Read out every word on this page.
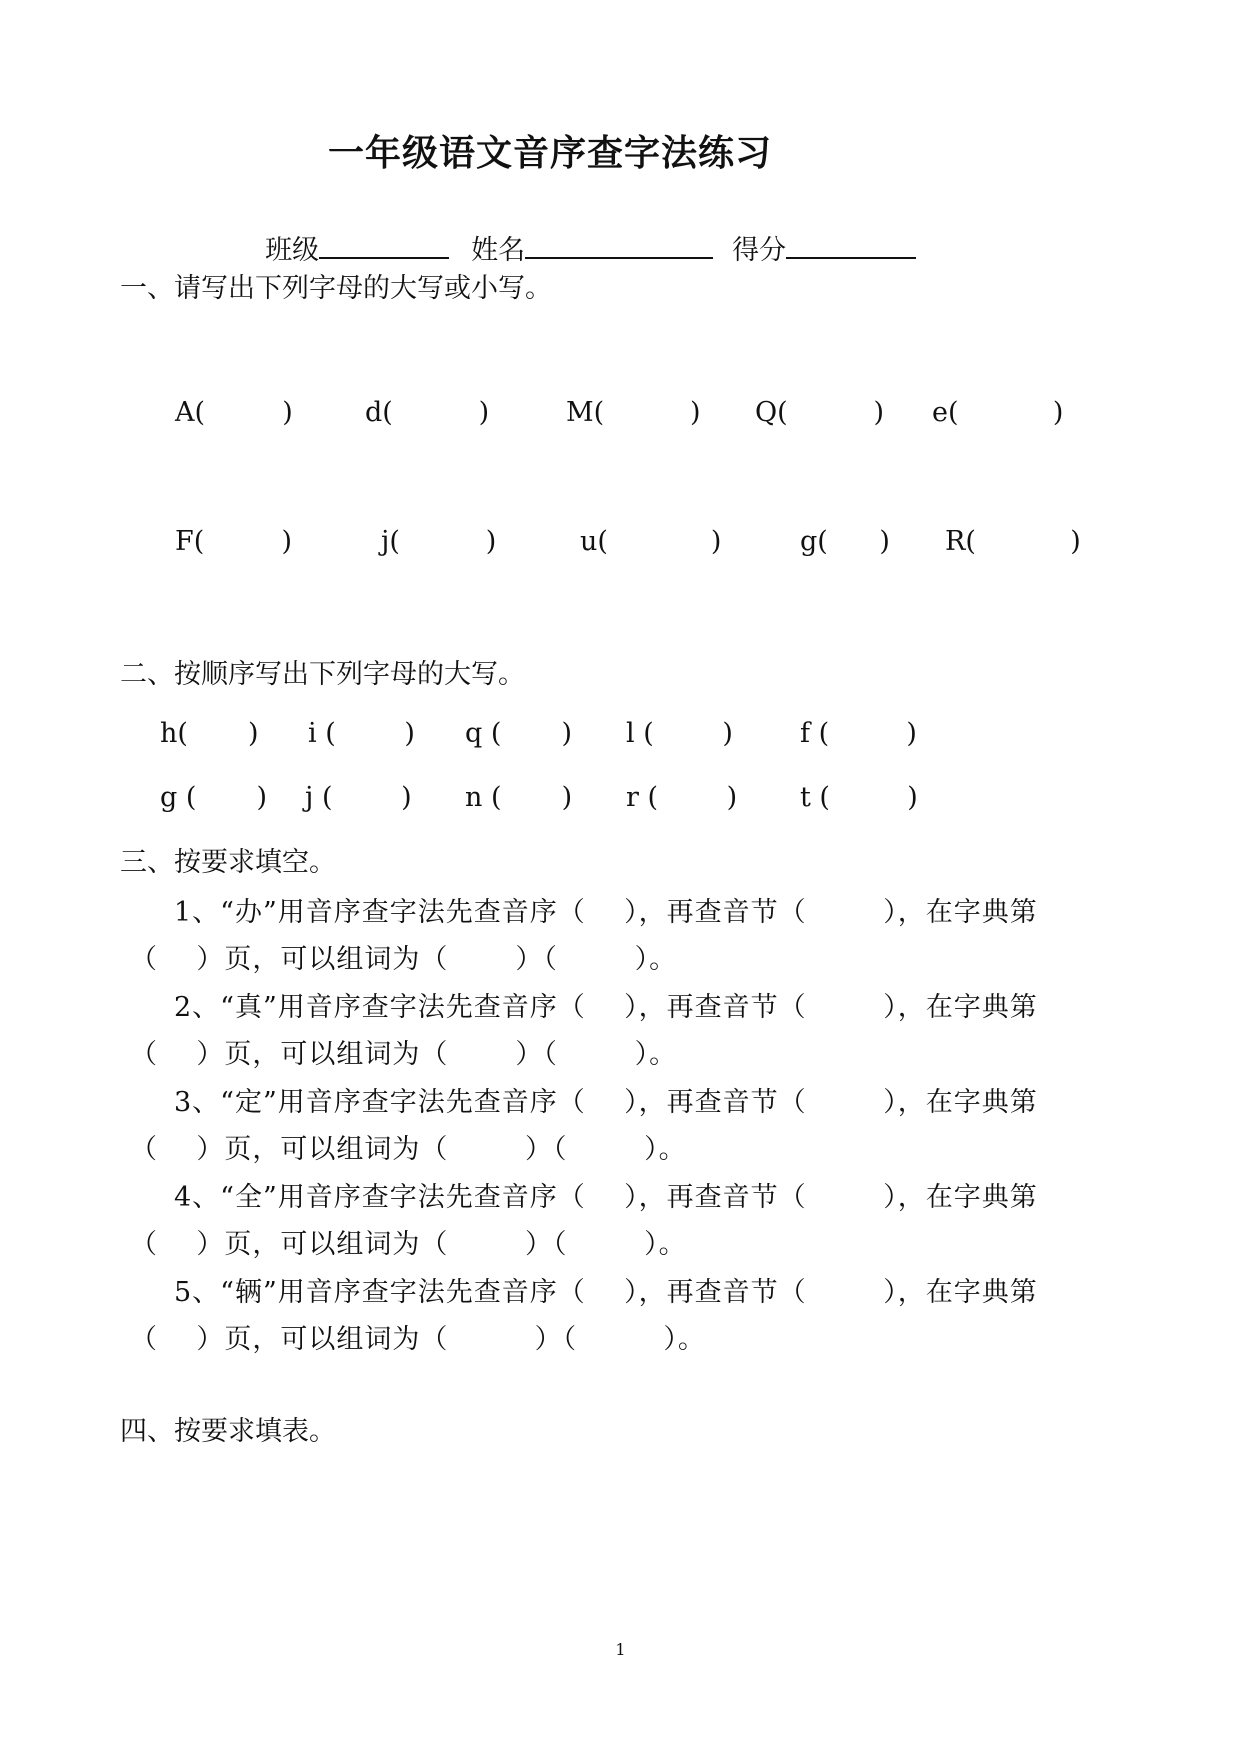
一年级语文音序查字法练习

班级	姓名	得分

一、请写出下列字母的大写或小写。
A(         )	d(          )	M(          ) Q(          ) e(           )
F(         )	j(          )	u(            )	g(      ) R(           )
二、按顺序写出下列字母的大写。
h(       ) i (        ) q (       ) l (        ) f (         )
g (       ) j (        ) n (       ) r (        ) t (         )
三、按要求填空。
1、“办”用音序查字法先查音序（    ），再查音节（        ），在字典第
（    ）页，可以组词为（       ）（        ）。
2、“真”用音序查字法先查音序（    ），再查音节（        ），在字典第
（    ）页，可以组词为（       ）（        ）。
3、“定”用音序查字法先查音序（    ），再查音节（        ），在字典第
（    ）页，可以组词为（        ）（        ）。
4、“全”用音序查字法先查音序（    ），再查音节（        ），在字典第
（    ）页，可以组词为（        ）（        ）。
5、“辆”用音序查字法先查音序（    ），再查音节（        ），在字典第
（    ）页，可以组词为（         ）（         ）。
四、按要求填表。
1
